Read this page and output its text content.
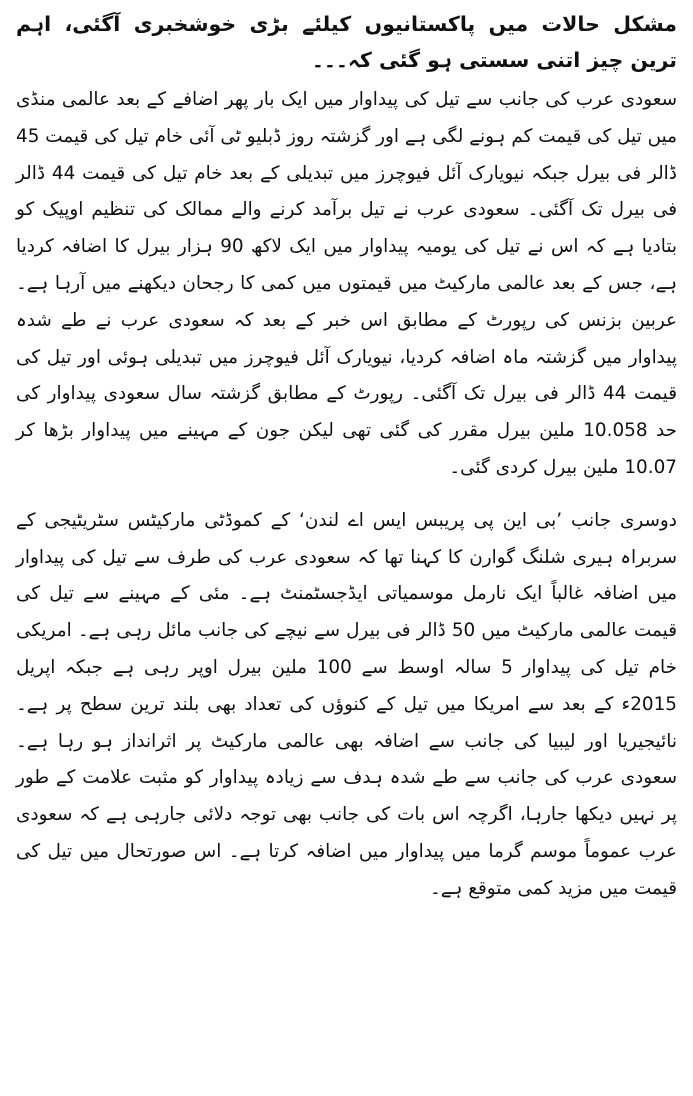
مشکل حالات میں پاکستانیوں کیلئے بڑی خوشخبری آگئی، اہم ترین چیز اتنی سستی ہو گئی کہ۔۔۔

سعودی عرب کی جانب سے تیل کی پیداوار میں ایک بار پھر اضافے کے بعد عالمی منڈی میں تیل کی قیمت کم ہونے لگی ہے اور گزشتہ روز ڈبلیو ٹی آئی خام تیل کی قیمت 45 ڈالر فی بیرل جبکہ نیویارک آئل فیوچرز میں تبدیلی کے بعد خام تیل کی قیمت 44 ڈالر فی بیرل تک آگئی۔ سعودی عرب نے تیل برآمد کرنے والے ممالک کی تنظیم اوپیک کو بتادیا ہے کہ اس نے تیل کی یومیہ پیداوار میں ایک لاکھ 90 ہزار بیرل کا اضافہ کردیا ہے، جس کے بعد عالمی مارکیٹ میں قیمتوں میں کمی کا رجحان دیکھنے میں آرہا ہے۔ عربین بزنس کی رپورٹ کے مطابق اس خبر کے بعد کہ سعودی عرب نے طے شدہ پیداوار میں گزشتہ ماہ اضافہ کردیا، نیویارک آئل فیوچرز میں تبدیلی ہوئی اور تیل کی قیمت 44 ڈالر فی بیرل تک آگئی۔ رپورٹ کے مطابق گزشتہ سال سعودی پیداوار کی حد 10.058 ملین بیرل مقرر کی گئی تھی لیکن جون کے مہینے میں پیداوار بڑھا کر 10.07 ملین بیرل کردی گئی۔

دوسری جانب ’بی این پی پریبس ایس اے لندن‘ کے کموڈٹی مارکیٹس سٹریٹیجی کے سربراہ ہیری شلنگ گوارن کا کہنا تھا کہ سعودی عرب کی طرف سے تیل کی پیداوار میں اضافہ غالباً ایک نارمل موسمیاتی ایڈجسٹمنٹ ہے۔ مئی کے مہینے سے تیل کی قیمت عالمی مارکیٹ میں 50 ڈالر فی بیرل سے نیچے کی جانب مائل رہی ہے۔ امریکی خام تیل کی پیداوار 5 سالہ اوسط سے 100 ملین بیرل اوپر رہی ہے جبکہ اپریل 2015ء کے بعد سے امریکا میں تیل کے کنوؤں کی تعداد بھی بلند ترین سطح پر ہے۔ نائیجیریا اور لیبیا کی جانب سے اضافہ بھی عالمی مارکیٹ پر اثرانداز ہو رہا ہے۔ سعودی عرب کی جانب سے طے شدہ ہدف سے زیادہ پیداوار کو مثبت علامت کے طور پر نہیں دیکھا جارہا، اگرچہ اس بات کی جانب بھی توجہ دلائی جارہی ہے کہ سعودی عرب عموماً موسم گرما میں پیداوار میں اضافہ کرتا ہے۔ اس صورتحال میں تیل کی قیمت میں مزید کمی متوقع ہے۔
